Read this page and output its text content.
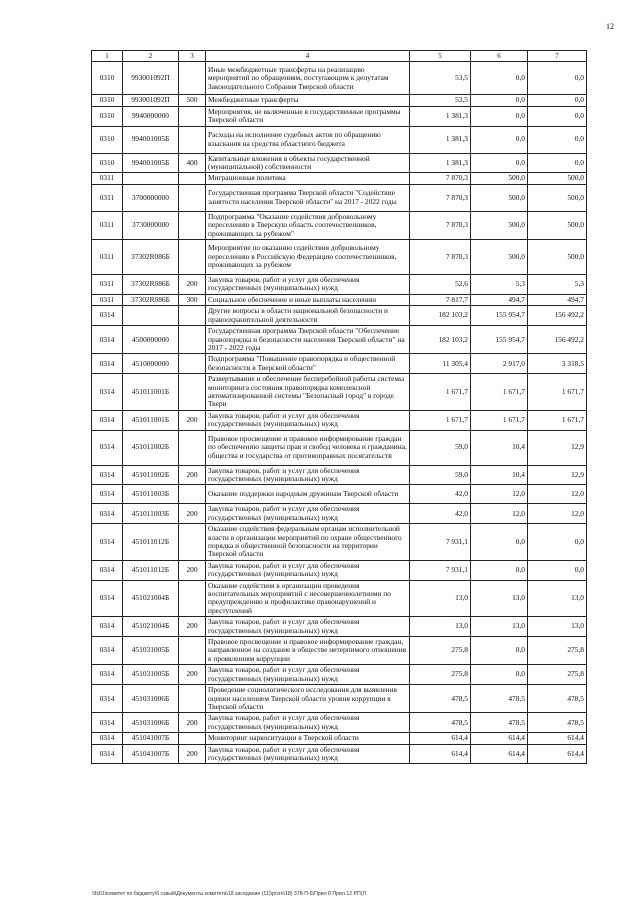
12
1	2	3	4	5	6	7
0310	993001092П		Иные межбюджетные трансферты на реализацию мероприятий по обращениям, поступающим к депутатам Законодательного Собрания Тверской области	53,5	0,0	0,0
0310	993001092П	500	Межбюджетные трансферты	53,5	0,0	0,0
0310	9940000000		Мероприятия, не включенные в государственные программы Тверской области	1 381,3	0,0	0,0
0310	994001005Б		Расходы на исполнение судебных актов по обращению взыскания на средства областного бюджета	1 381,3	0,0	0,0
0310	994001005Б	400	Капитальные вложения в объекты государственной (муниципальной) собственности	1 381,3	0,0	0,0
0311			Миграционная политика	7 870,3	500,0	500,0
0311	3700000000		Государственная программа Тверской области "Содействие занятости населения Тверской области" на 2017 - 2022 годы	7 870,3	500,0	500,0
0311	3730000000		Подпрограмма "Оказание содействия добровольному переселению в Тверскую область соотечественников, проживающих за рубежом"	7 870,3	500,0	500,0
0311	37302R086Б		Мероприятие по оказанию содействия добровольному переселению в Российскую Федерацию соотечественников, проживающих за рубежом	7 870,3	500,0	500,0
0311	37302R086Б	200	Закупка товаров, работ и услуг для обеспечения государственных (муниципальных) нужд	52,6	5,3	5,3
0311	37302R086Б	300	Социальное обеспечение и иные выплаты населению	7 817,7	494,7	494,7
0314			Другие вопросы в области национальной безопасности и правоохранительной деятельности	182 103,2	155 954,7	156 492,2
0314	4500000000		Государственная программа Тверской области "Обеспечение правопорядка и безопасности населения Тверской области" на 2017 - 2022 годы	182 103,2	155 954,7	156 492,2
0314	4510000000		Подпрограмма "Повышение правопорядка и общественной безопасности в Тверской области"	11 305,4	2 917,0	3 318,5
0314	451011001Б		Развертывание и обеспечение бесперебойной работы системы мониторинга состояния правопорядка комплексной автоматизированной системы "Безопасный город" в городе Твери	1 671,7	1 671,7	1 671,7
0314	451011001Б	200	Закупка товаров, работ и услуг для обеспечения государственных (муниципальных) нужд	1 671,7	1 671,7	1 671,7
0314	451011002Б		Правовое просвещение и правовое информирование граждан по обеспечению защиты прав и свобод человека и гражданина, общества и государства от противоправных посягательств	59,0	10,4	12,9
0314	451011002Б	200	Закупка товаров, работ и услуг для обеспечения государственных (муниципальных) нужд	59,0	10,4	12,9
0314	451011003Б		Оказание поддержки народным дружинам Тверской области	42,0	12,0	12,0
0314	451011003Б	200	Закупка товаров, работ и услуг для обеспечения государственных (муниципальных) нужд	42,0	12,0	12,0
0314	451011012Б		Оказание содействия федеральным органам исполнительной власти в организации мероприятий по охране общественного порядка и общественной безопасности на территории Тверской области	7 931,1	0,0	0,0
0314	451011012Б	200	Закупка товаров, работ и услуг для обеспечения государственных (муниципальных) нужд	7 931,1	0,0	0,0
0314	451021004Б		Оказание содействия в организации проведения воспитательных мероприятий с несовершеннолетними по предупреждению и профилактике правонарушений и преступлений	13,0	13,0	13,0
0314	451021004Б	200	Закупка товаров, работ и услуг для обеспечения государственных (муниципальных) нужд	13,0	13,0	13,0
0314	451031005Б		Правовое просвещение и правовое информирование граждан, направленное на создание в обществе нетерпимого отношения к проявлениям коррупции	275,8	0,0	275,8
0314	451031005Б	200	Закупка товаров, работ и услуг для обеспечения государственных (муниципальных) нужд	275,8	0,0	275,8
0314	451031006Б		Проведение социологического исследования для выявления оценки населением Тверской области уровня коррупции в Тверской области	478,5	478,5	478,5
0314	451031006Б	200	Закупка товаров, работ и услуг для обеспечения государственных (муниципальных) нужд	478,5	478,5	478,5
0314	451041007Б		Мониторинг наркоситуации в Тверской области	614,4	614,4	614,4
0314	451041007Б	200	Закупка товаров, работ и услуг для обеспечения государственных (муниципальных) нужд	614,4	614,4	614,4
\\fs01\комитет по бюджету\6 сзвый\Документы комитета\18 заседание (11)\pr\zn\18) 378-П-6\Прил 8 Прил 12 РП(Л
